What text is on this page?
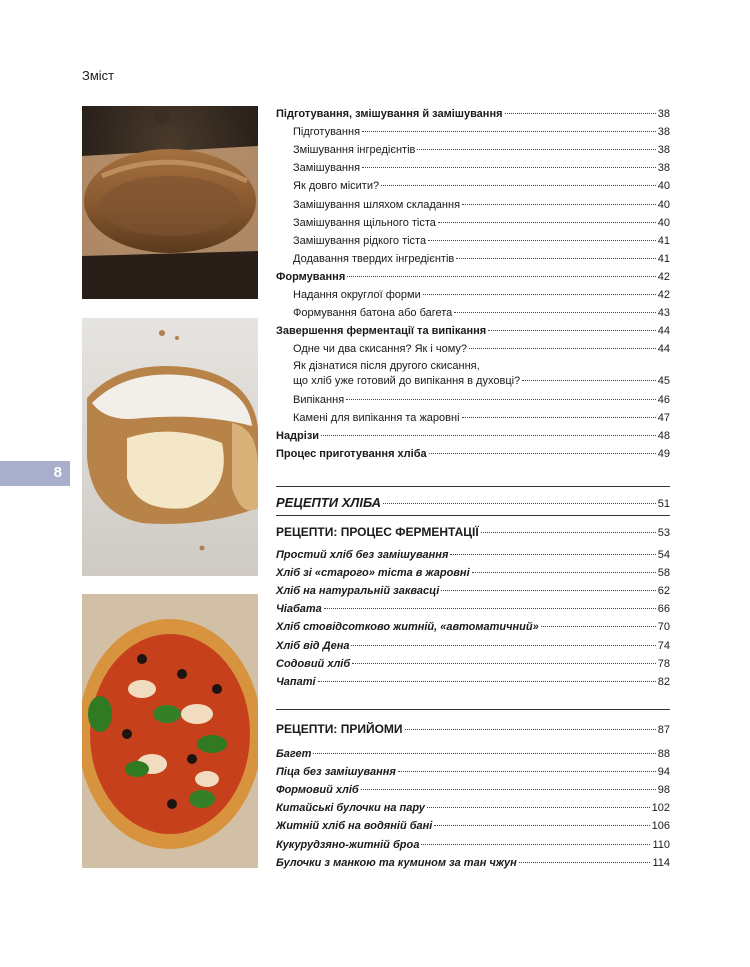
Зміст
8
Підготування, змішування й замішування	38
Підготування	38
Змішування інгредієнтів	38
Замішування	38
Як довго місити?	40
Замішування шляхом складання	40
Замішування щільного тіста	40
Замішування рідкого тіста	41
Додавання твердих інгредієнтів	41
Формування	42
Надання округлої форми	42
Формування батона або багета	43
Завершення ферментації та випікання	44
Одне чи два скисання? Як і чому?	44
Як дізнатися після другого скисання,
що хліб уже готовий до випікання в духовці?	45
Випікання	46
Камені для випікання та жаровні	47
Надрізи	48
Процес приготування хліба	49
РЕЦЕПТИ ХЛІБА	51
РЕЦЕПТИ: ПРОЦЕС ФЕРМЕНТАЦІЇ	53
Простий хліб без замішування	54
Хліб зі «старого» тіста в жаровні	58
Хліб на натуральній заквасці	62
Чіабата	66
Хліб стовідсотково житній, «автоматичний»	70
Хліб від Дена	74
Содовий хліб	78
Чапаті	82
РЕЦЕПТИ: ПРИЙОМИ	87
Багет	88
Піца без замішування	94
Формовий хліб	98
Китайські булочки на пару	102
Житній хліб на водяній бані	106
Кукурудзяно-житній броа	110
Булочки з манкою та кумином за тан чжун	114
